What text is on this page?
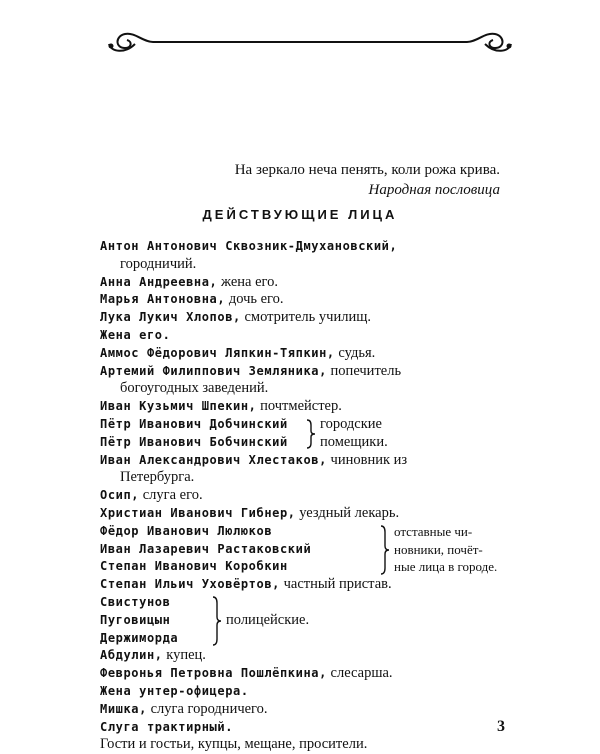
На зеркало неча пенять, коли рожа крива.
Народная пословица
ДЕЙСТВУЮЩИЕ ЛИЦА
Антон Антонович Сквозник-Дмухановский,
городничий.
Анна Андреевна, жена его.
Марья Антоновна, дочь его.
Лука Лукич Хлопов, смотритель училищ.
Жена его.
Аммос Фёдорович Ляпкин-Тяпкин, судья.
Артемий Филиппович Земляника, попечитель
богоугодных заведений.
Иван Кузьмич Шпекин, почтмейстер.
Пётр Иванович Добчинский
Пётр Иванович Бобчинский
городские
помещики.
Иван Александрович Хлестаков, чиновник из
Петербурга.
Осип, слуга его.
Христиан Иванович Гибнер, уездный лекарь.
Фёдор Иванович Люлюков
Иван Лазаревич Растаковский
Степан Иванович Коробкин
отставные чи-
новники, почёт-
ные лица в городе.
Степан Ильич Уховёртов, частный пристав.
Свистунов
Пуговицын
Держиморда
полицейские.
Абдулин, купец.
Февронья Петровна Пошлёпкина, слесарша.
Жена унтер-офицера.
Мишка, слуга городничего.
Слуга трактирный.
Гости и гостьи, купцы, мещане, просители.
3
